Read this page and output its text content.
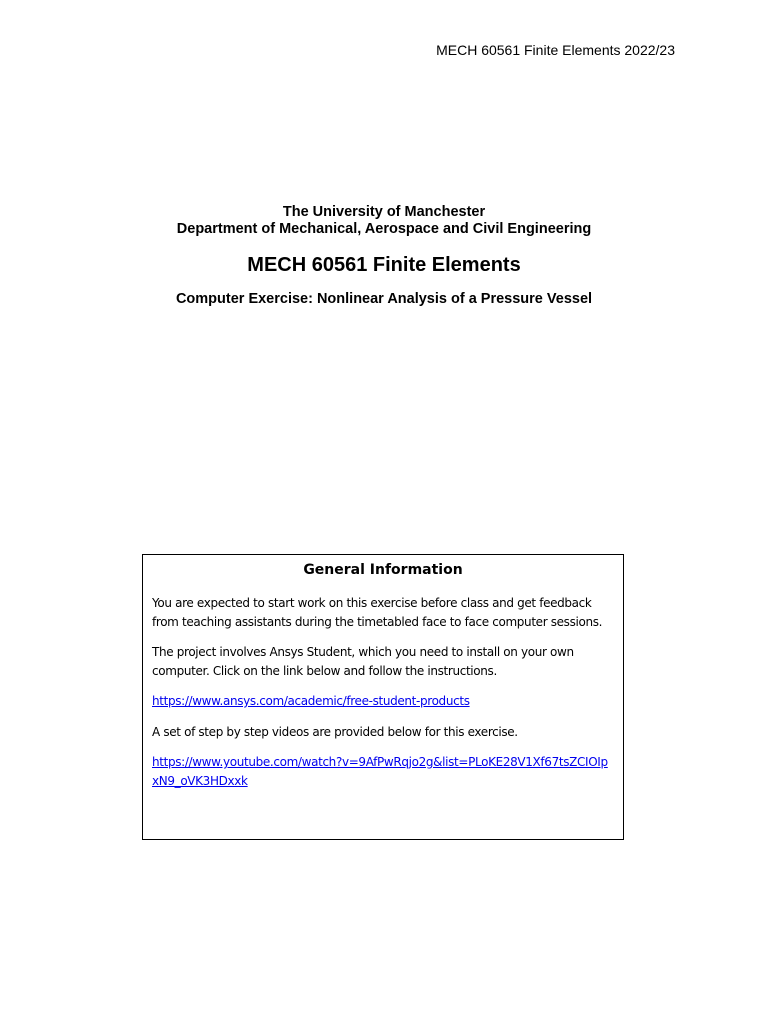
MECH 60561 Finite Elements 2022/23

The University of Manchester

Department of Mechanical, Aerospace and Civil Engineering

MECH 60561 Finite Elements

Computer Exercise: Nonlinear Analysis of a Pressure Vessel

General Information

You are expected to start work on this exercise before class and get feedback from teaching assistants during the timetabled face to face computer sessions.

The project involves Ansys Student, which you need to install on your own computer. Click on the link below and follow the instructions.

https://www.ansys.com/academic/free-student-products

A set of step by step videos are provided below for this exercise.

https://www.youtube.com/watch?v=9AfPwRqjo2g&list=PLoKE28V1Xf67tsZCIOIpxN9_oVK3HDxxk
